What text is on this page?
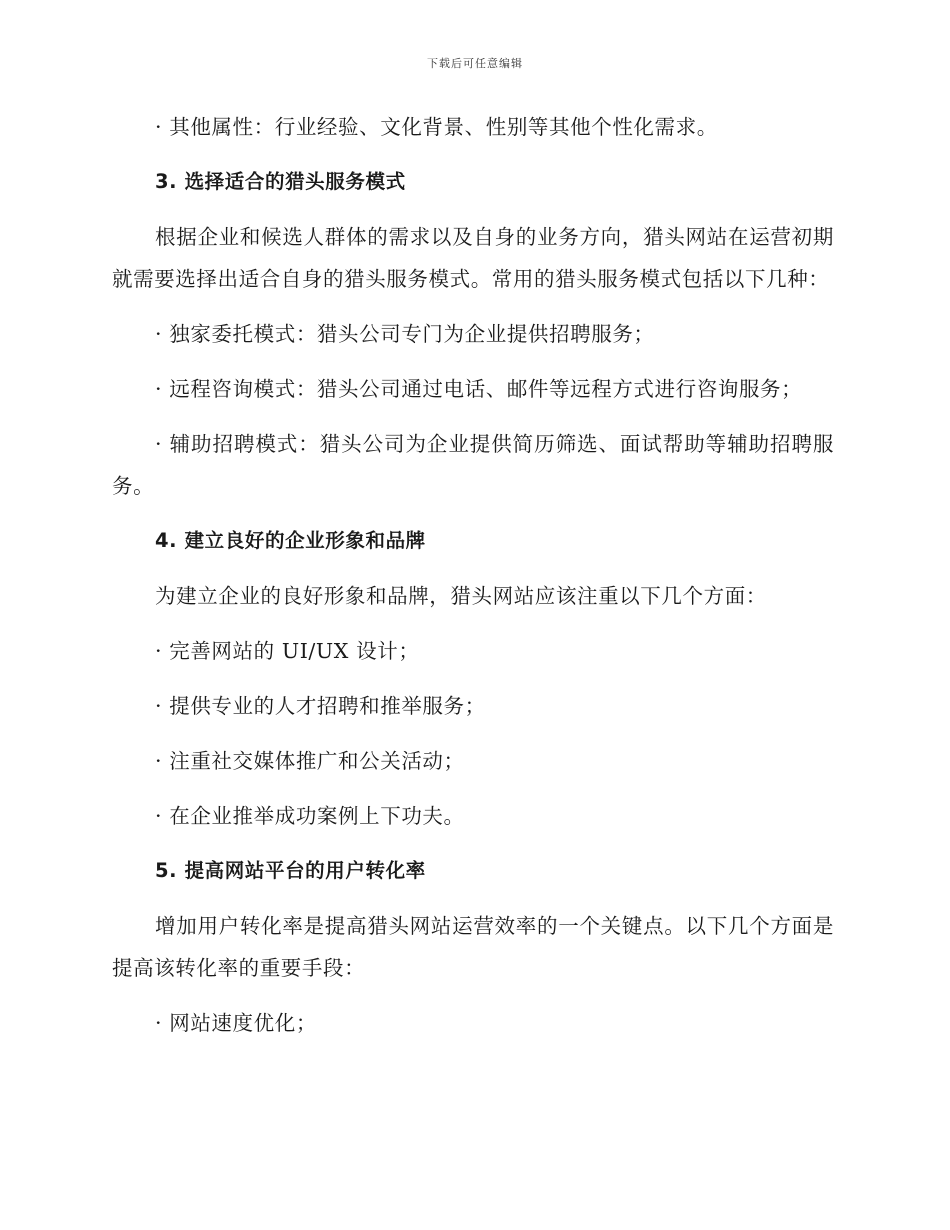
下载后可任意编辑

· 其他属性：行业经验、文化背景、性别等其他个性化需求。

3. 选择适合的猎头服务模式

根据企业和候选人群体的需求以及自身的业务方向，猎头网站在运营初期就需要选择出适合自身的猎头服务模式。常用的猎头服务模式包括以下几种：

· 独家委托模式：猎头公司专门为企业提供招聘服务；

· 远程咨询模式：猎头公司通过电话、邮件等远程方式进行咨询服务；

· 辅助招聘模式：猎头公司为企业提供简历筛选、面试帮助等辅助招聘服务。

4. 建立良好的企业形象和品牌

为建立企业的良好形象和品牌，猎头网站应该注重以下几个方面：

· 完善网站的 UI/UX 设计；

· 提供专业的人才招聘和推举服务；

· 注重社交媒体推广和公关活动；

· 在企业推举成功案例上下功夫。

5. 提高网站平台的用户转化率

增加用户转化率是提高猎头网站运营效率的一个关键点。以下几个方面是提高该转化率的重要手段：

· 网站速度优化；
